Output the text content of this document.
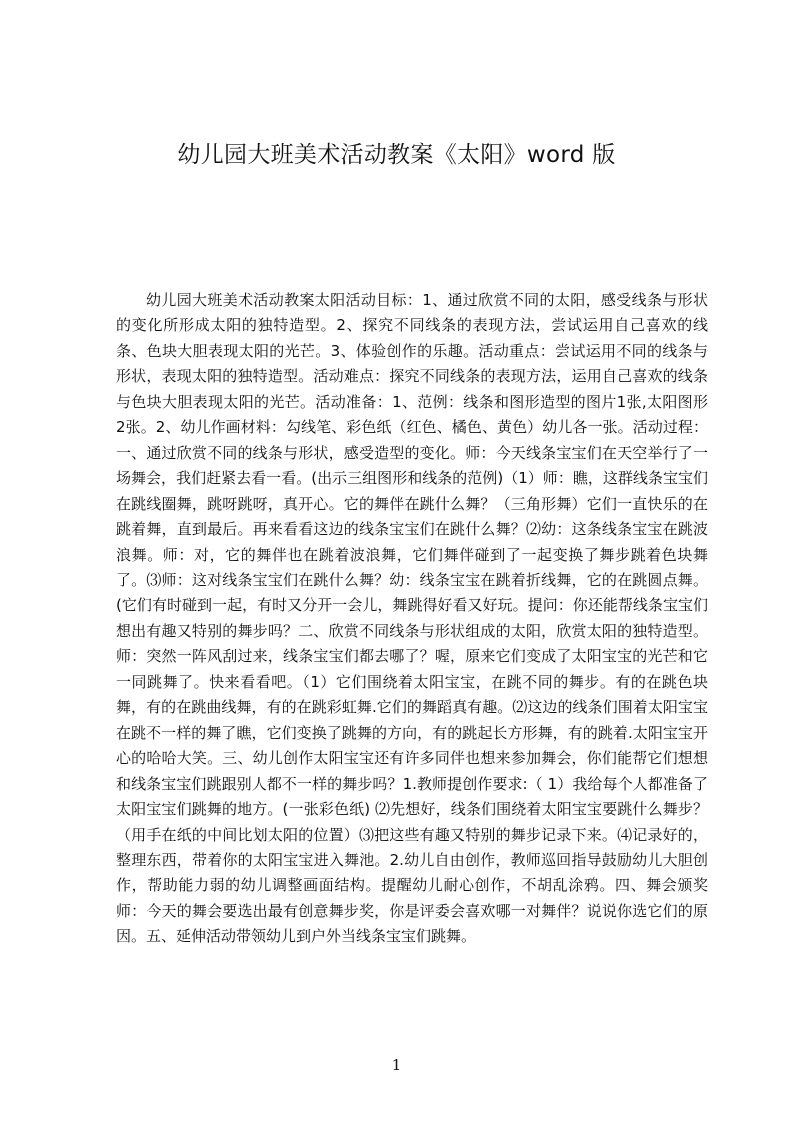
幼儿园大班美术活动教案《太阳》word 版

幼儿园大班美术活动教案太阳活动目标：1、通过欣赏不同的太阳，感受线条与形状的变化所形成太阳的独特造型。2、探究不同线条的表现方法，尝试运用自己喜欢的线条、色块大胆表现太阳的光芒。3、体验创作的乐趣。活动重点：尝试运用不同的线条与形状，表现太阳的独特造型。活动难点：探究不同线条的表现方法，运用自己喜欢的线条与色块大胆表现太阳的光芒。活动准备：1、范例：线条和图形造型的图片1张,太阳图形 2张。2、幼儿作画材料：勾线笔、彩色纸（红色、橘色、黄色）幼儿各一张。活动过程：一、通过欣赏不同的线条与形状，感受造型的变化。师：今天线条宝宝们在天空举行了一场舞会，我们赶紧去看一看。(出示三组图形和线条的范例)（1）师：瞧，这群线条宝宝们在跳线圈舞，跳呀跳呀，真开心。它的舞伴在跳什么舞？（三角形舞）它们一直快乐的在跳着舞，直到最后。再来看看这边的线条宝宝们在跳什么舞？⑵幼：这条线条宝宝在跳波浪舞。师：对，它的舞伴也在跳着波浪舞，它们舞伴碰到了一起变换了舞步跳着色块舞了。⑶师：这对线条宝宝们在跳什么舞？幼：线条宝宝在跳着折线舞，它的在跳圆点舞。(它们有时碰到一起，有时又分开一会儿，舞跳得好看又好玩。提问：你还能帮线条宝宝们想出有趣又特别的舞步吗？二、欣赏不同线条与形状组成的太阳，欣赏太阳的独特造型。师：突然一阵风刮过来，线条宝宝们都去哪了？喔，原来它们变成了太阳宝宝的光芒和它一同跳舞了。快来看看吧。（1）它们围绕着太阳宝宝，在跳不同的舞步。有的在跳色块舞，有的在跳曲线舞，有的在跳彩虹舞.它们的舞蹈真有趣。⑵这边的线条们围着太阳宝宝在跳不一样的舞了瞧，它们变换了跳舞的方向，有的跳起长方形舞，有的跳着.太阳宝宝开心的哈哈大笑。三、幼儿创作太阳宝宝还有许多同伴也想来参加舞会，你们能帮它们想想和线条宝宝们跳跟别人都不一样的舞步吗？1.教师提创作要求:（ 1）我给每个人都准备了太阳宝宝们跳舞的地方。(一张彩色纸) ⑵先想好，线条们围绕着太阳宝宝要跳什么舞步？（用手在纸的中间比划太阳的位置）⑶把这些有趣又特别的舞步记录下来。⑷记录好的，整理东西，带着你的太阳宝宝进入舞池。2.幼儿自由创作，教师巡回指导鼓励幼儿大胆创作，帮助能力弱的幼儿调整画面结构。提醒幼儿耐心创作，不胡乱涂鸦。四、舞会颁奖师：今天的舞会要选出最有创意舞步奖，你是评委会喜欢哪一对舞伴？说说你选它们的原因。五、延伸活动带领幼儿到户外当线条宝宝们跳舞。

1
